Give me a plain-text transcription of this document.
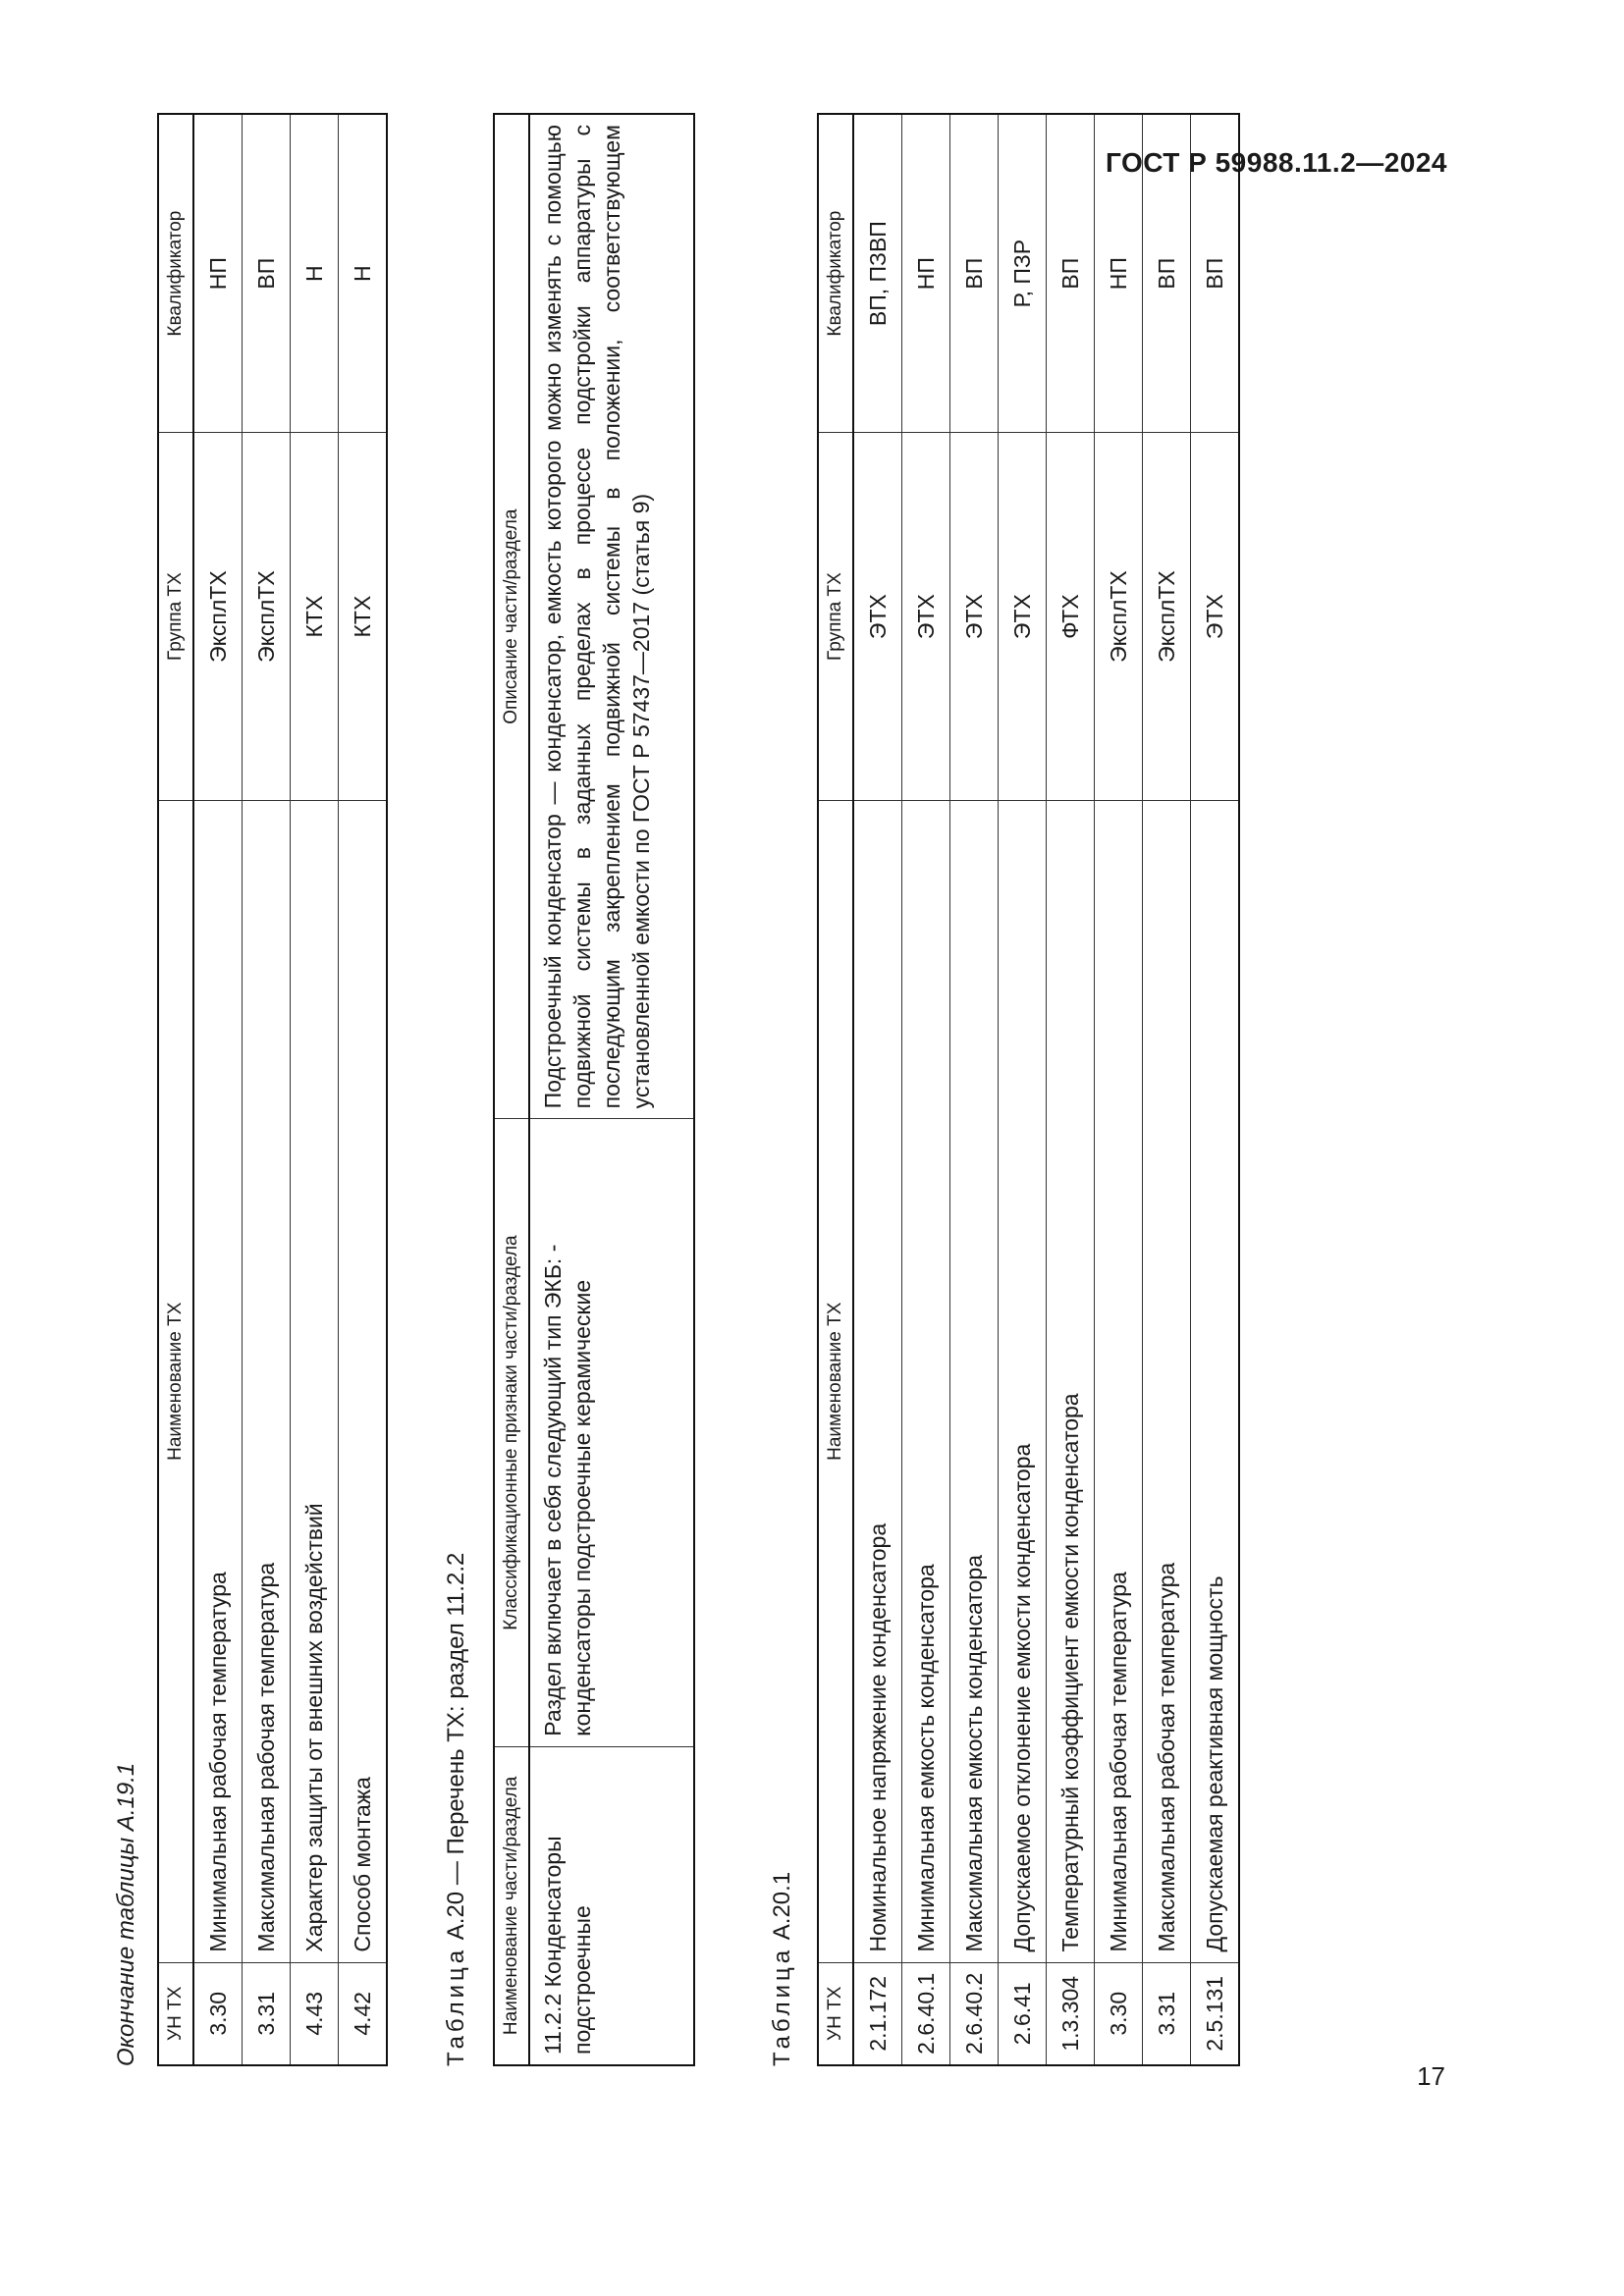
ГОСТ Р 59988.11.2—2024
17

Окончание таблицы А.19.1 УН ТХ	Наименование ТХ	Группа ТХ	Квалификатор
3.30	Минимальная рабочая температура	ЭксплТХ	НП
3.31	Максимальная рабочая температура	ЭксплТХ	ВП
4.43	Характер защиты от внешних воздействий	КТХ	Н
4.42	Способ монтажа	КТХ	Н

Таблица А.20 — Перечень ТХ: раздел 11.2.2 Наименование части/раздела	Классификационные признаки части/раздела	Описание части/раздела
11.2.2 Конденсаторы подстроечные	Раздел включает в себя следующий тип ЭКБ: - конденсаторы подстроечные керамические	Подстроечный конденсатор — конденсатор, емкость которого можно изменять с помощью подвижной системы в заданных пределах в процессе подстройки аппаратуры с последующим закреплением подвижной системы в положении, соответствующем установленной емкости по ГОСТ Р 57437—2017 (статья 9)

Таблица А.20.1

УН ТХ	Наименование ТХ	Группа ТХ	Квалификатор
2.1.172	Номинальное напряжение конденсатора	ЭТХ	ВП, ПЗВП
2.6.40.1	Минимальная емкость конденсатора	ЭТХ	НП
2.6.40.2	Максимальная емкость конденсатора	ЭТХ	ВП
2.6.41	Допускаемое отклонение емкости конденсатора	ЭТХ	Р, ПЗР
1.3.304	Температурный коэффициент емкости конденсатора	ФТХ	ВП
3.30	Минимальная рабочая температура	ЭксплТХ	НП
3.31	Максимальная рабочая температура	ЭксплТХ	ВП
2.5.131	Допускаемая реактивная мощность	ЭТХ	ВП
